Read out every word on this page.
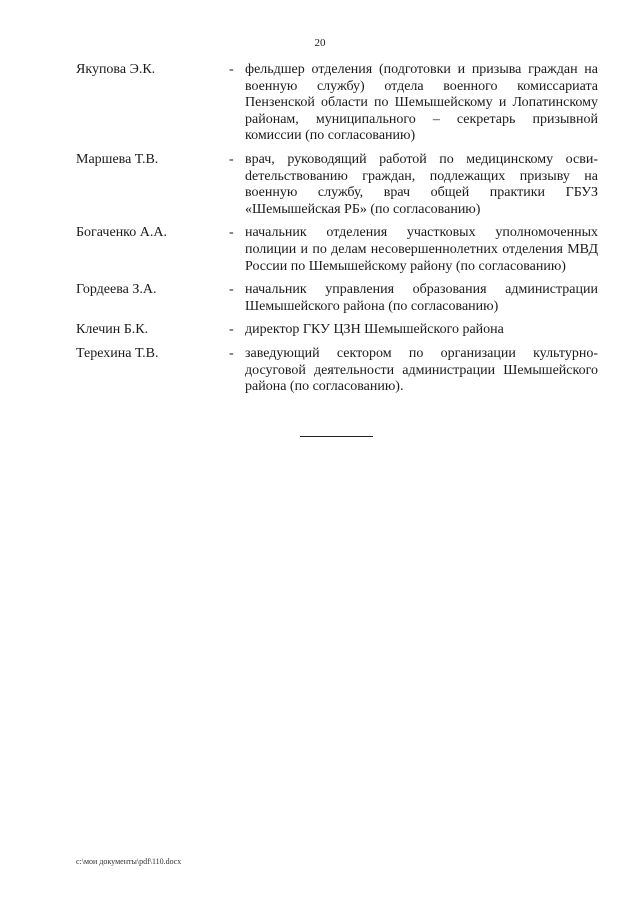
20
Якупова Э.К.	- фельдшер отделения (подготовки и призыва граждан на военную службу) отдела военного комиссариата Пензенской области по Шемышейскому и Лопатинскому районам, муниципального – секретарь призывной комиссии (по согласованию)
Маршева Т.В.	- врач, руководящий работой по медицинскому освиdетельствованию граждан, подлежащих призыву на военную службу, врач общей практики ГБУЗ «Шемышейская РБ» (по согласованию)
Богаченко А.А.	- начальник отделения участковых уполномоченных полиции и по делам несовершеннолетних отделения МВД России по Шемышейскому району (по согласованию)
Гордеева З.А.	- начальник управления образования администрации Шемышейского района (по согласованию)
Клечин Б.К.	- директор ГКУ ЦЗН Шемышейского района
Терехина Т.В.	- заведующий сектором по организации культурно-досуговой деятельности администрации Шемышейского района (по согласованию).
c:\мои документы\pdf\110.docx
